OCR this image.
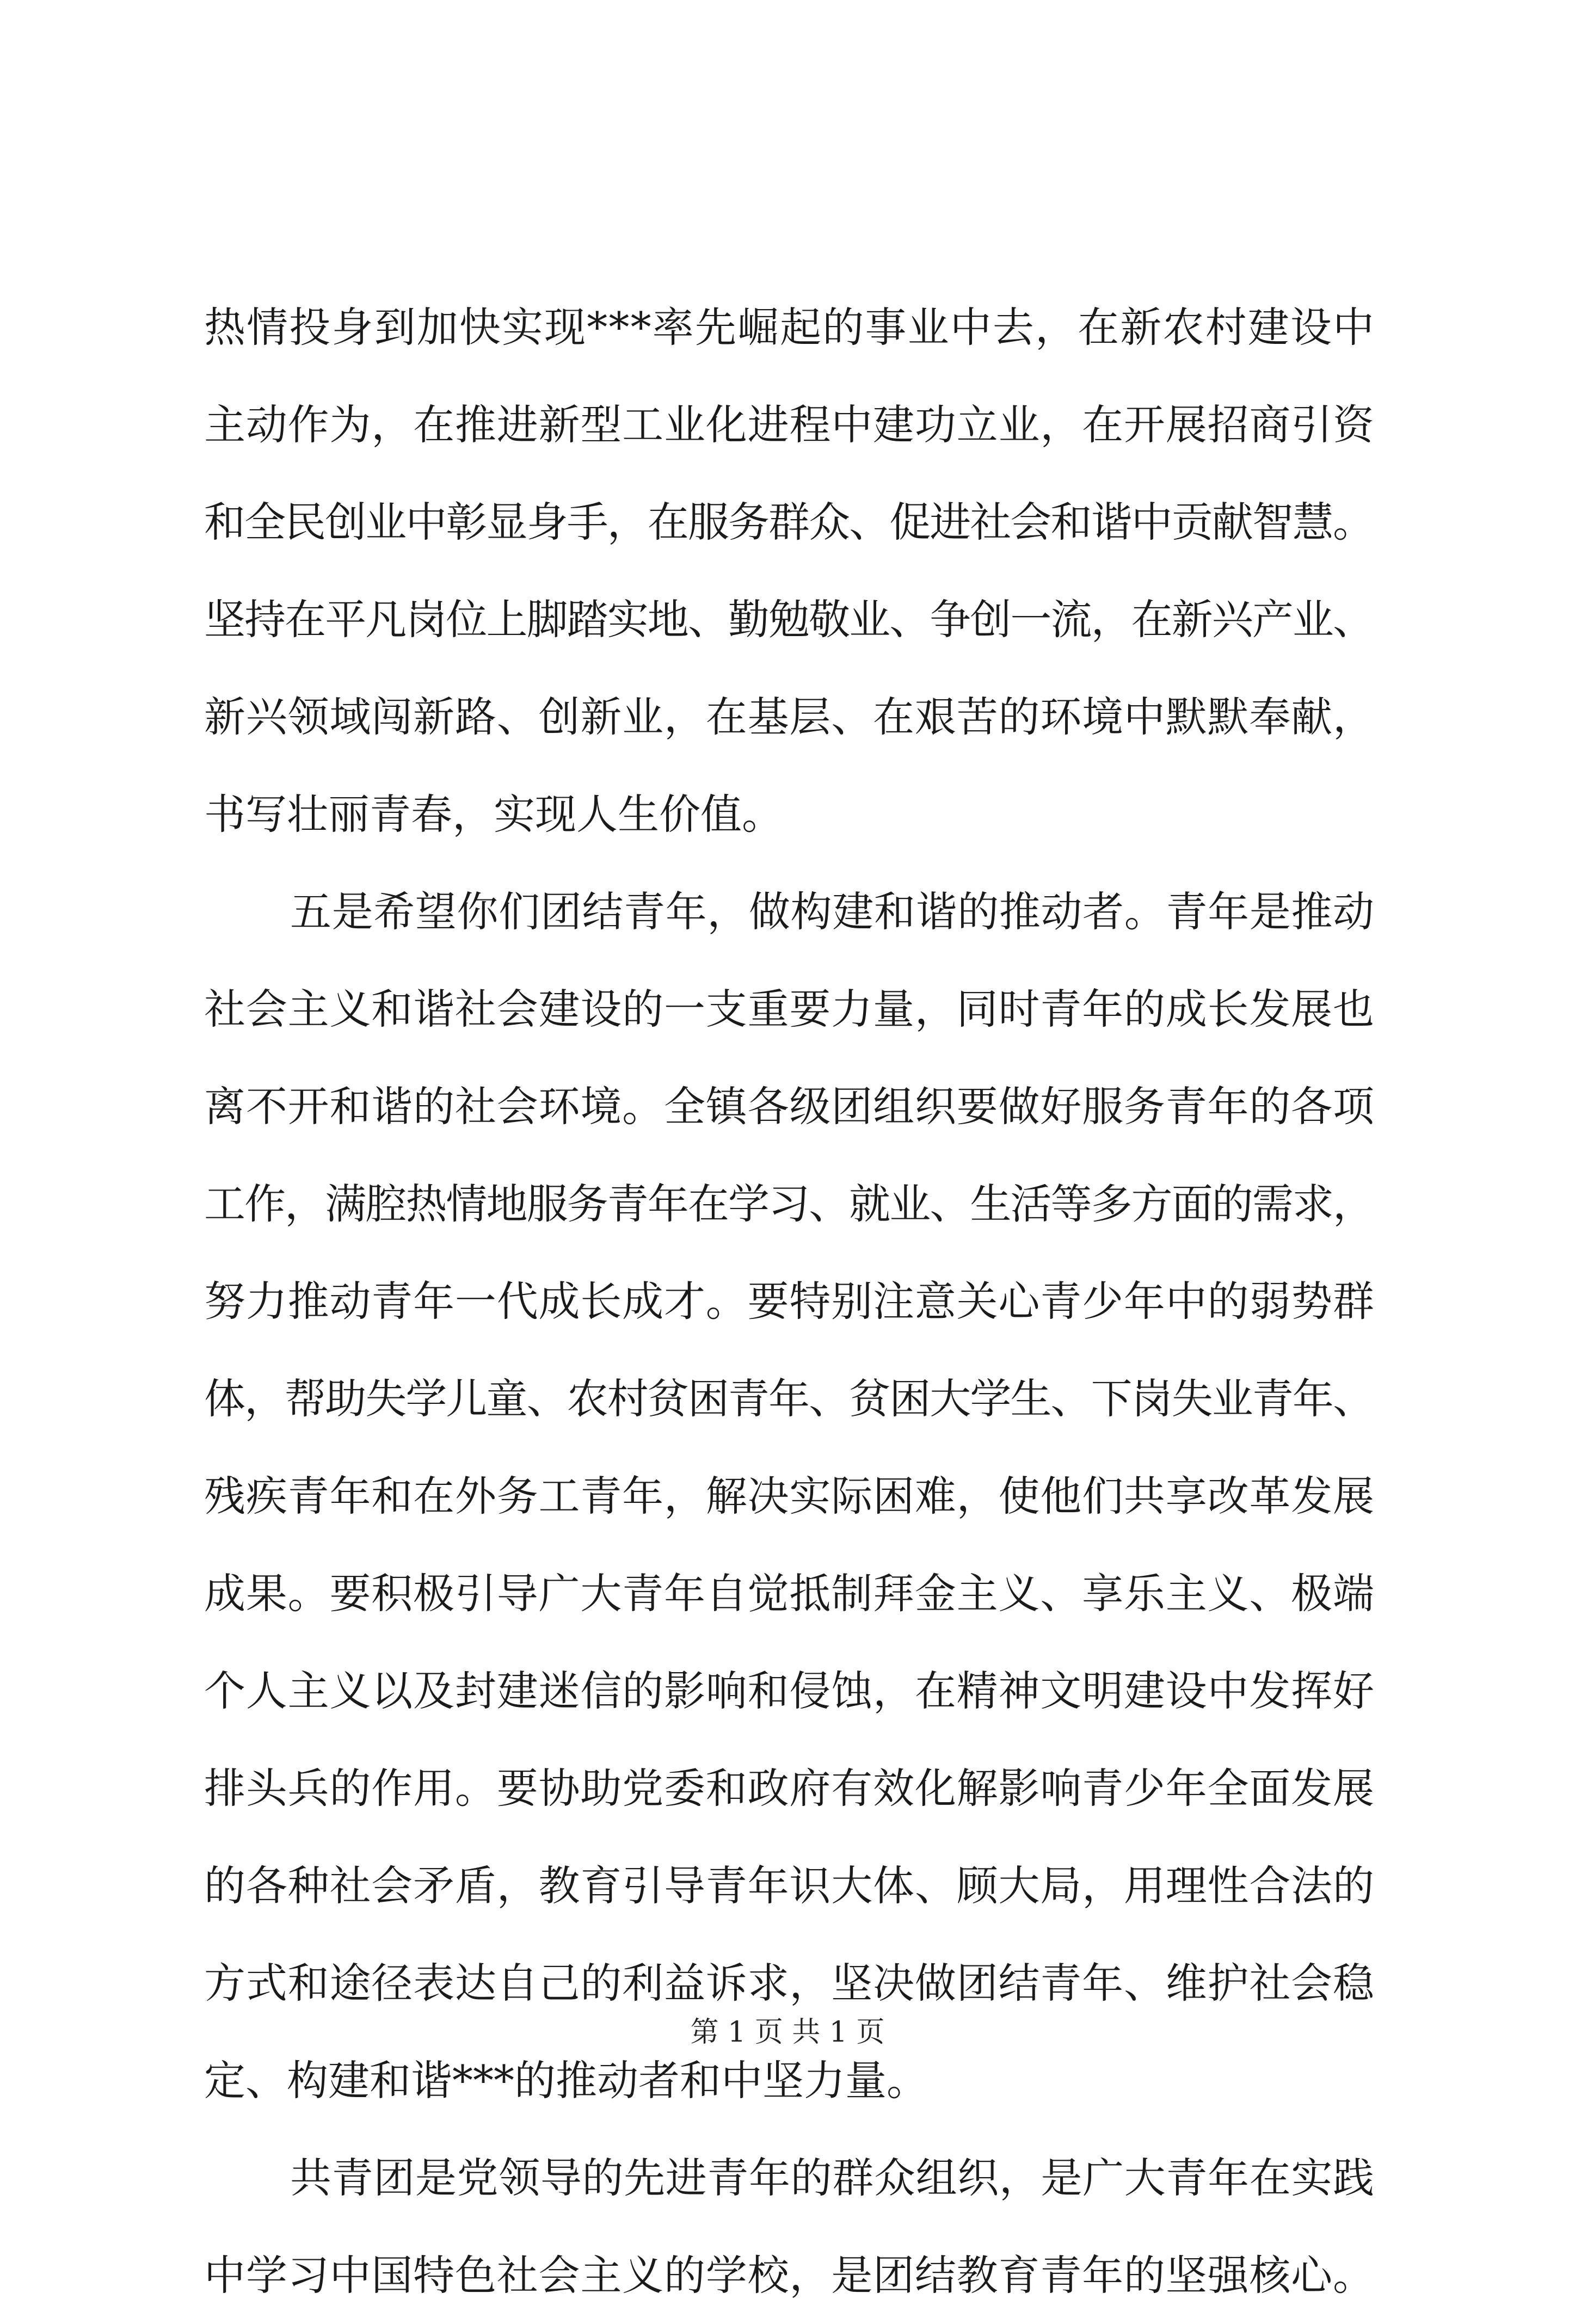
热情投身到加快实现***率先崛起的事业中去，在新农村建设中
主动作为，在推进新型工业化进程中建功立业，在开展招商引资
和全民创业中彰显身手，在服务群众、促进社会和谐中贡献智慧。
坚持在平凡岗位上脚踏实地、勤勉敬业、争创一流，在新兴产业、
新兴领域闯新路、创新业，在基层、在艰苦的环境中默默奉献，
书写壮丽青春，实现人生价值。
五是希望你们团结青年，做构建和谐的推动者。青年是推动
社会主义和谐社会建设的一支重要力量，同时青年的成长发展也
离不开和谐的社会环境。全镇各级团组织要做好服务青年的各项
工作，满腔热情地服务青年在学习、就业、生活等多方面的需求，
努力推动青年一代成长成才。要特别注意关心青少年中的弱势群
体，帮助失学儿童、农村贫困青年、贫困大学生、下岗失业青年、
残疾青年和在外务工青年，解决实际困难，使他们共享改革发展
成果。要积极引导广大青年自觉抵制拜金主义、享乐主义、极端
个人主义以及封建迷信的影响和侵蚀，在精神文明建设中发挥好
排头兵的作用。要协助党委和政府有效化解影响青少年全面发展
的各种社会矛盾，教育引导青年识大体、顾大局，用理性合法的
方式和途径表达自己的利益诉求，坚决做团结青年、维护社会稳
定、构建和谐***的推动者和中坚力量。
共青团是党领导的先进青年的群众组织，是广大青年在实践
中学习中国特色社会主义的学校，是团结教育青年的坚强核心。
第 1 页 共 1 页
